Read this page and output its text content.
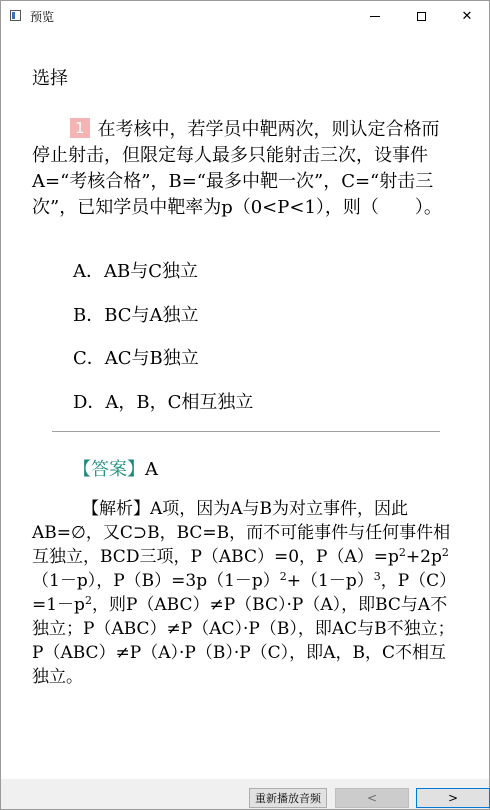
预览	✕
选择
1 在考核中，若学员中靶两次，则认定合格而停止射击，但限定每人最多只能射击三次，设事件A=“考核合格”，B=“最多中靶一次”，C=“射击三次”，已知学员中靶率为p（0<P<1），则（　　）。
A．AB与C独立
B．BC与A独立
C．AC与B独立
D．A，B，C相互独立
【答案】A
【解析】A项，因为A与B为对立事件，因此AB=∅，又C⊃B，BC=B，而不可能事件与任何事件相互独立，BCD三项，P（ABC）=0，$P(A)=p^2+2p^2(1-p)$，$P(B)=3p(1-p)^2+(1-p)^3$，$P(C)=1-p^2$，则P（ABC）≠P（BC）·P（A），即BC与A不独立；P（ABC）≠P（AC）·P（B），即AC与B不独立；P（ABC）≠P（A）·P（B）·P（C），即A，B，C不相互独立。
重新播放音频	<	>
